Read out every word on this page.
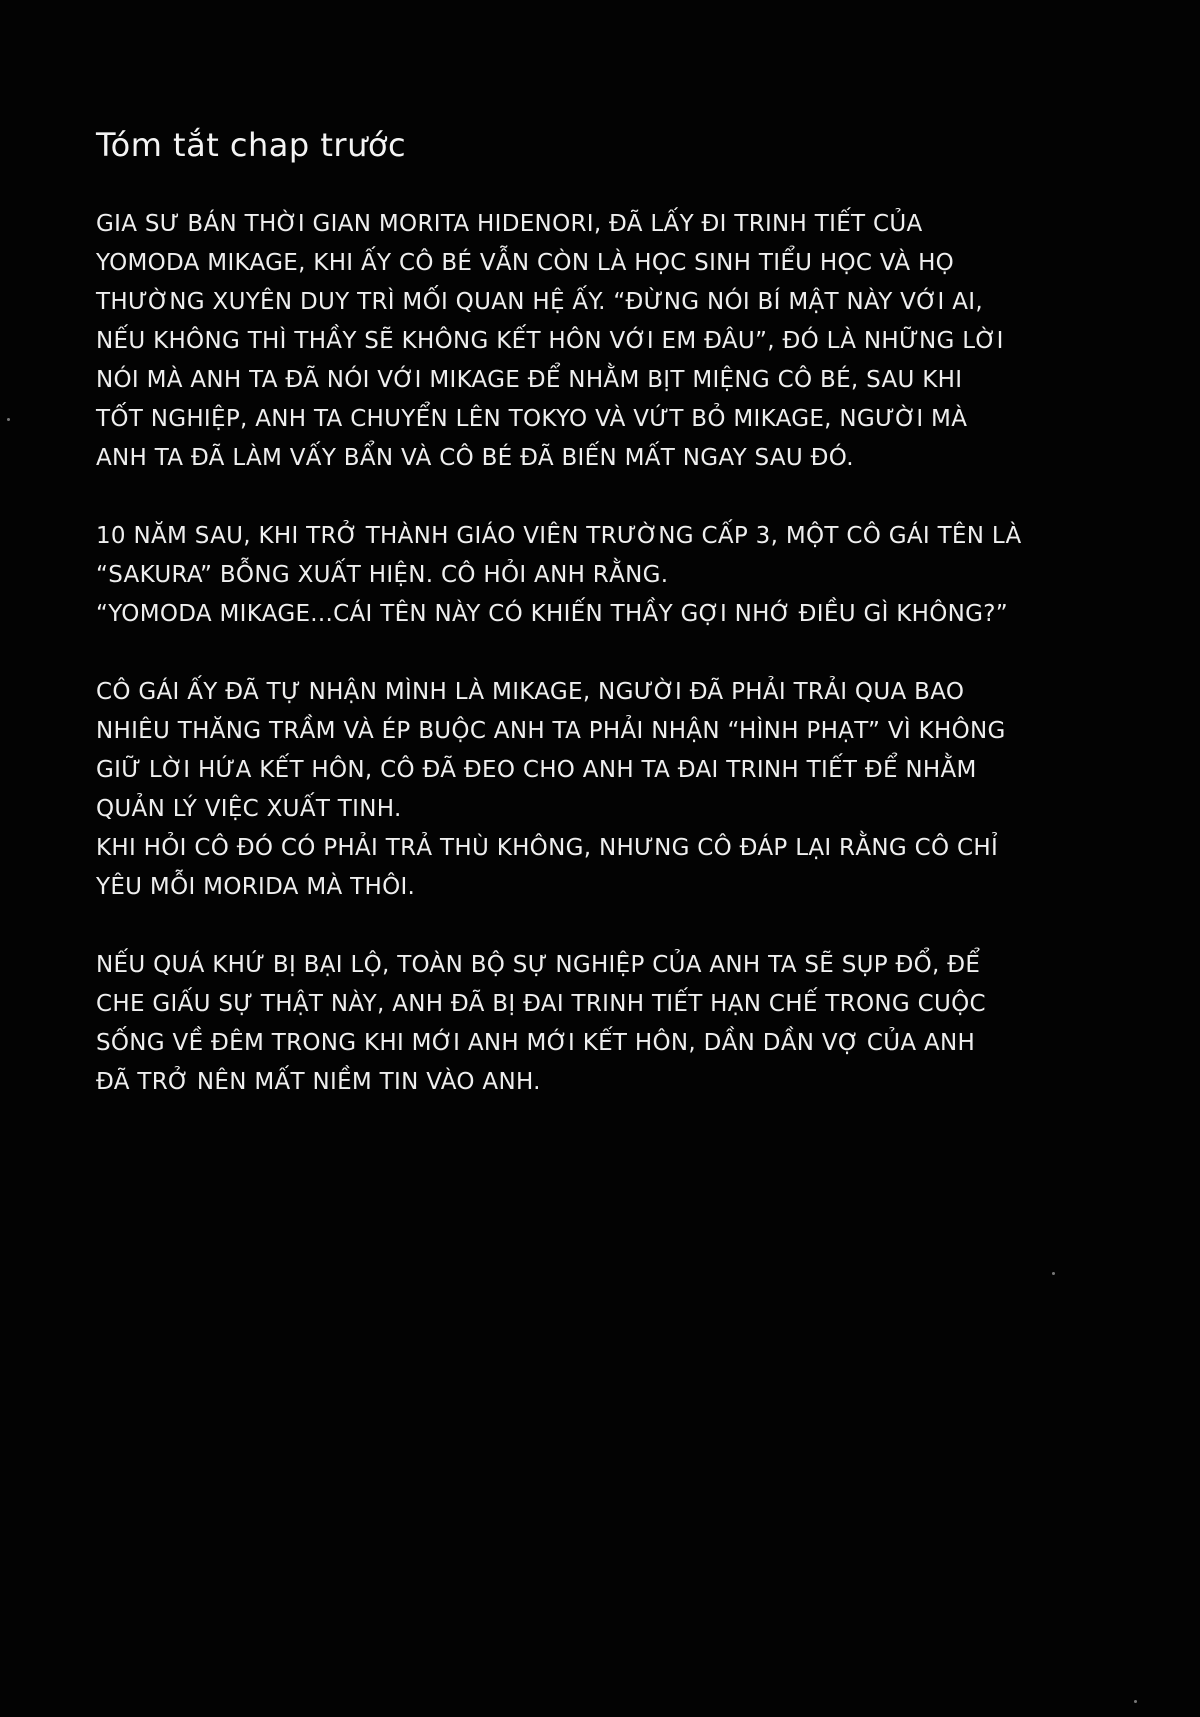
Tóm tắt chap trước

GIA SƯ BÁN THỜI GIAN MORITA HIDENORI, ĐÃ LẤY ĐI TRINH TIẾT CỦA
YOMODA MIKAGE, KHI ẤY CÔ BÉ VẪN CÒN LÀ HỌC SINH TIỂU HỌC VÀ HỌ
THƯỜNG XUYÊN DUY TRÌ MỐI QUAN HỆ ẤY. “ĐỪNG NÓI BÍ MẬT NÀY VỚI AI,
NẾU KHÔNG THÌ THẦY SẼ KHÔNG KẾT HÔN VỚI EM ĐÂU”, ĐÓ LÀ NHỮNG LỜI
NÓI MÀ ANH TA ĐÃ NÓI VỚI MIKAGE ĐỂ NHẰM BỊT MIỆNG CÔ BÉ, SAU KHI
TỐT NGHIỆP, ANH TA CHUYỂN LÊN TOKYO VÀ VỨT BỎ MIKAGE, NGƯỜI MÀ
ANH TA ĐÃ LÀM VẤY BẨN VÀ CÔ BÉ ĐÃ BIẾN MẤT NGAY SAU ĐÓ.

10 NĂM SAU, KHI TRỞ THÀNH GIÁO VIÊN TRƯỜNG CẤP 3, MỘT CÔ GÁI TÊN LÀ
“SAKURA” BỖNG XUẤT HIỆN. CÔ HỎI ANH RẰNG.
“YOMODA MIKAGE...CÁI TÊN NÀY CÓ KHIẾN THẦY GỢI NHỚ ĐIỀU GÌ KHÔNG?”

CÔ GÁI ẤY ĐÃ TỰ NHẬN MÌNH LÀ MIKAGE, NGƯỜI ĐÃ PHẢI TRẢI QUA BAO
NHIÊU THĂNG TRẦM VÀ ÉP BUỘC ANH TA PHẢI NHẬN “HÌNH PHẠT” VÌ KHÔNG
GIỮ LỜI HỨA KẾT HÔN, CÔ ĐÃ ĐEO CHO ANH TA ĐAI TRINH TIẾT ĐỂ NHẰM
QUẢN LÝ VIỆC XUẤT TINH.
KHI HỎI CÔ ĐÓ CÓ PHẢI TRẢ THÙ KHÔNG, NHƯNG CÔ ĐÁP LẠI RẰNG CÔ CHỈ
YÊU MỖI MORIDA MÀ THÔI.

NẾU QUÁ KHỨ BỊ BẠI LỘ, TOÀN BỘ SỰ NGHIỆP CỦA ANH TA SẼ SỤP ĐỔ, ĐỂ
CHE GIẤU SỰ THẬT NÀY, ANH ĐÃ BỊ ĐAI TRINH TIẾT HẠN CHẾ TRONG CUỘC
SỐNG VỀ ĐÊM TRONG KHI MỚI ANH MỚI KẾT HÔN, DẦN DẦN VỢ CỦA ANH
ĐÃ TRỞ NÊN MẤT NIỀM TIN VÀO ANH.
